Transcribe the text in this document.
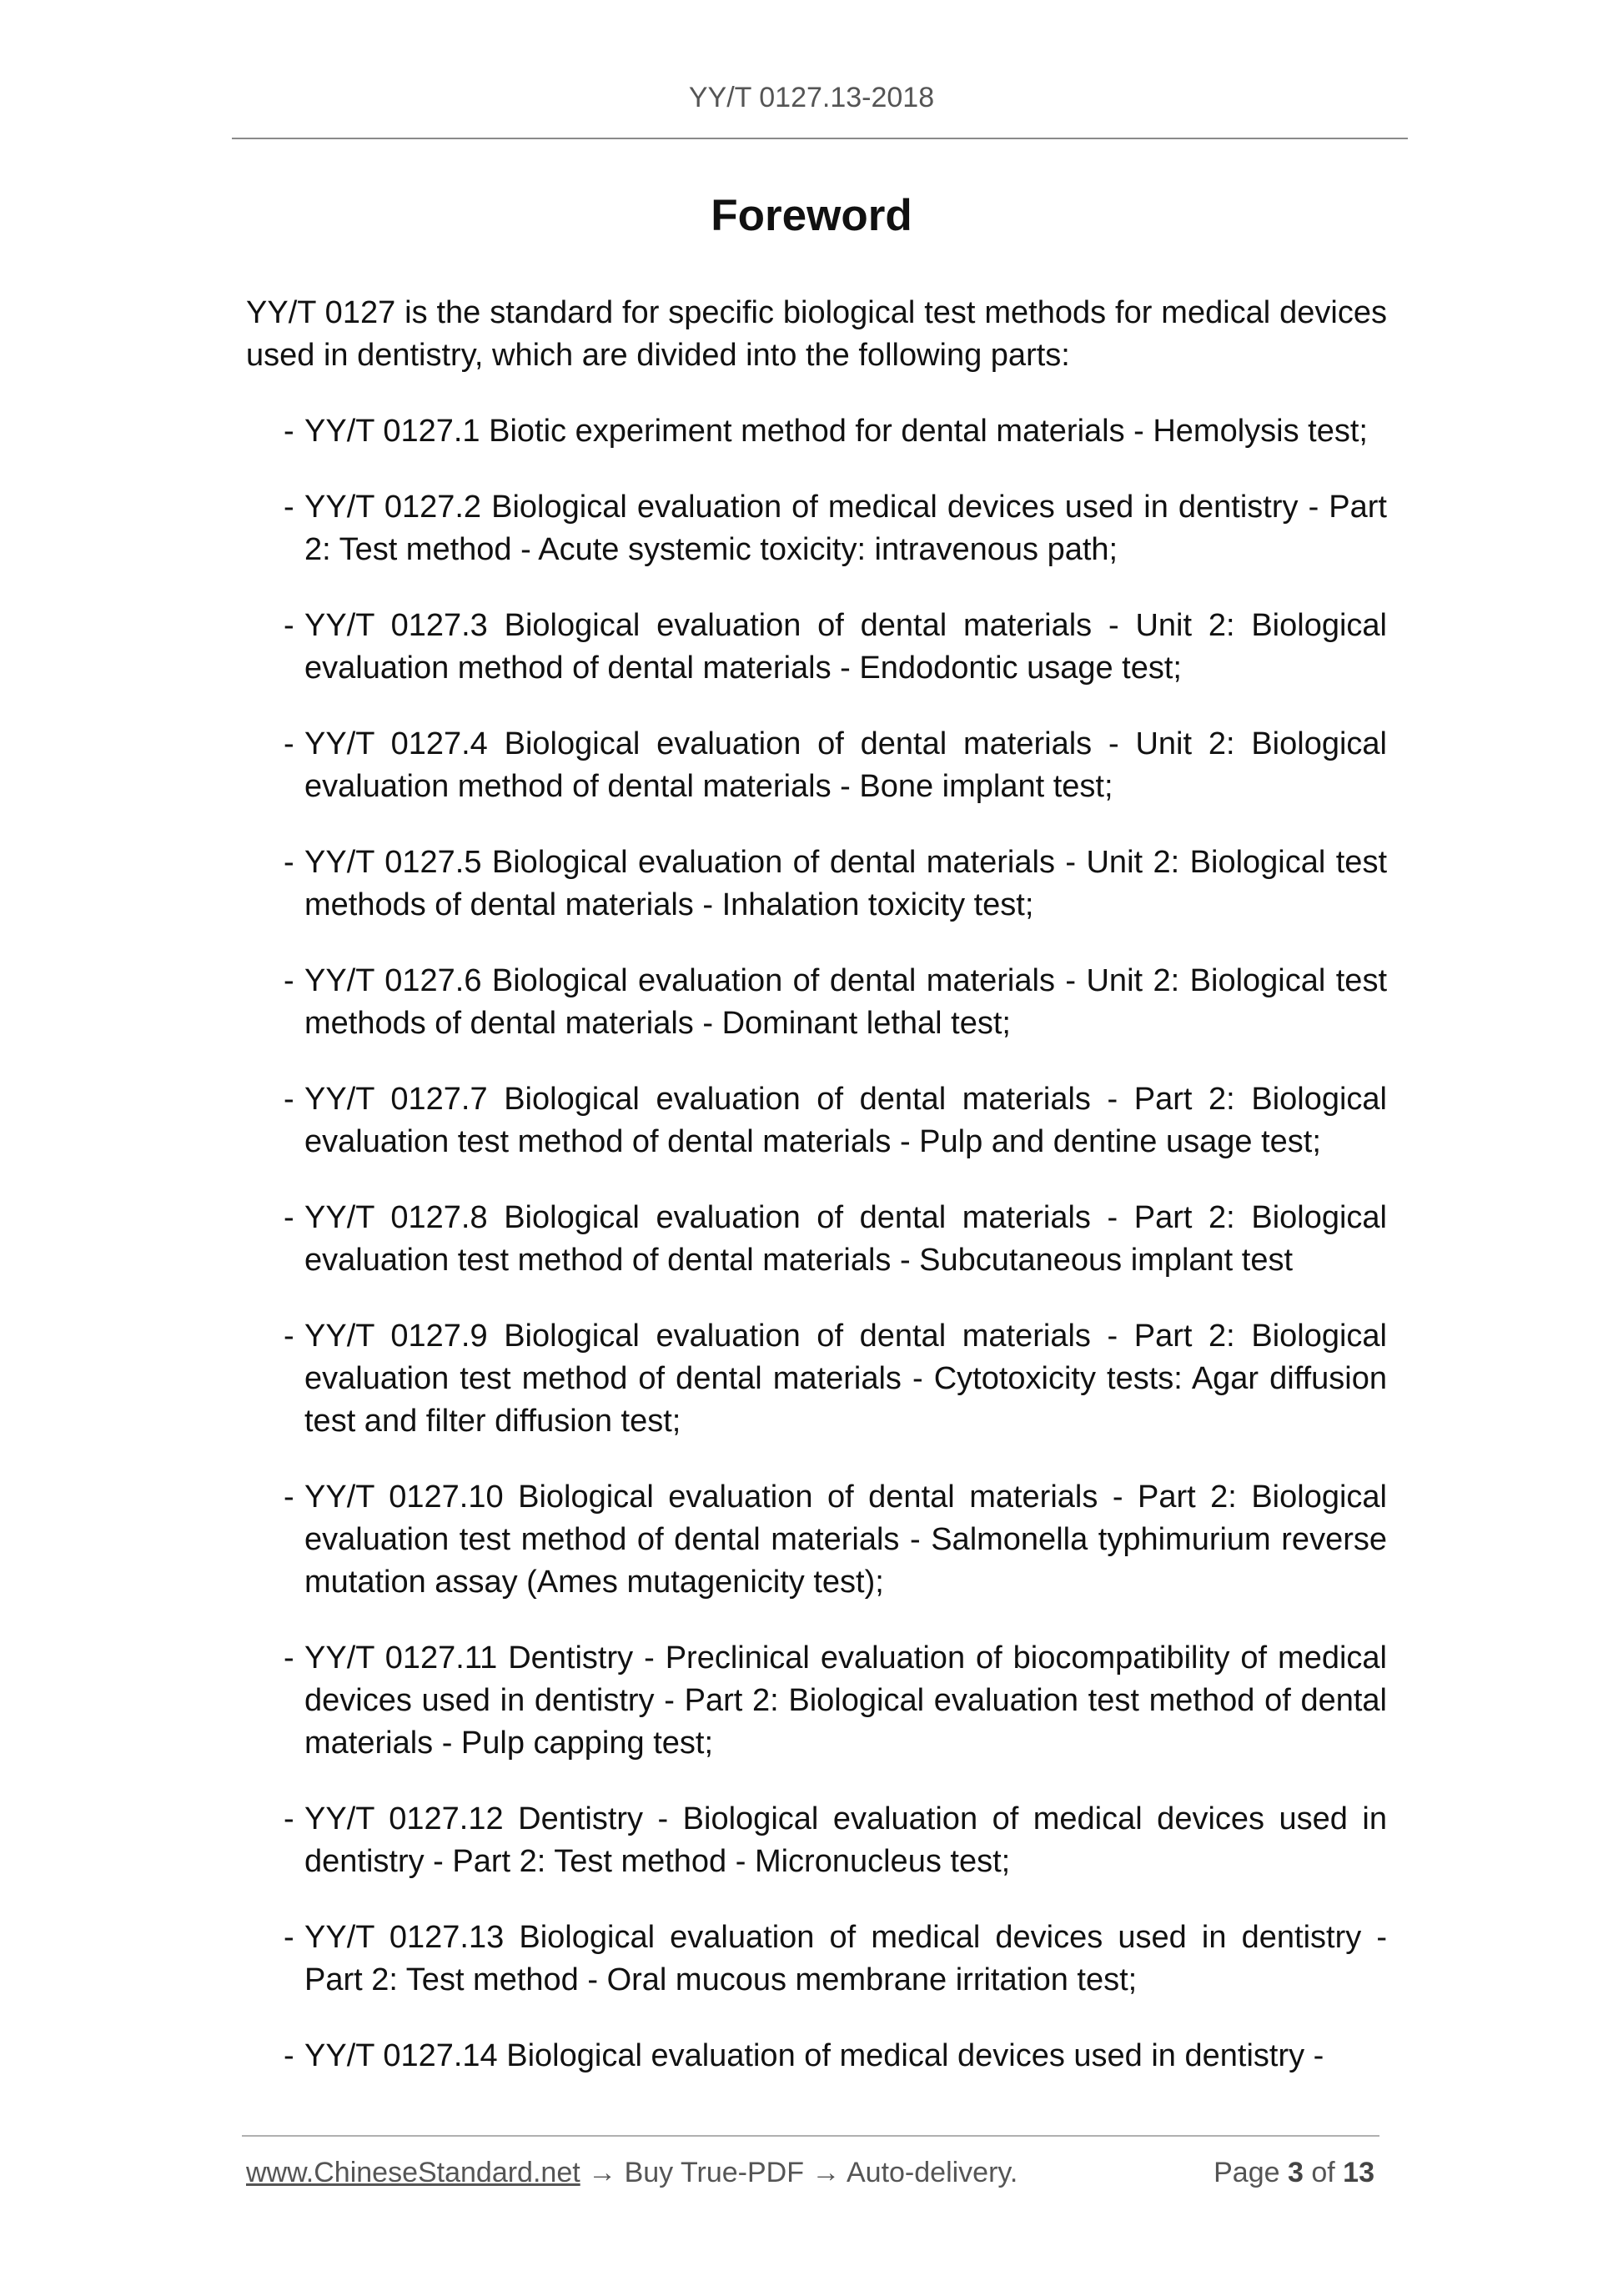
YY/T 0127.13-2018
Foreword

YY/T 0127 is the standard for specific biological test methods for medical devices used in dentistry, which are divided into the following parts:

- YY/T 0127.1 Biotic experiment method for dental materials - Hemolysis test;
- YY/T 0127.2 Biological evaluation of medical devices used in dentistry - Part 2: Test method - Acute systemic toxicity: intravenous path;
- YY/T 0127.3 Biological evaluation of dental materials - Unit 2: Biological evaluation method of dental materials - Endodontic usage test;
- YY/T 0127.4 Biological evaluation of dental materials - Unit 2: Biological evaluation method of dental materials - Bone implant test;
- YY/T 0127.5 Biological evaluation of dental materials - Unit 2: Biological test methods of dental materials - Inhalation toxicity test;
- YY/T 0127.6 Biological evaluation of dental materials - Unit 2: Biological test methods of dental materials - Dominant lethal test;
- YY/T 0127.7 Biological evaluation of dental materials - Part 2: Biological evaluation test method of dental materials - Pulp and dentine usage test;
- YY/T 0127.8 Biological evaluation of dental materials - Part 2: Biological evaluation test method of dental materials - Subcutaneous implant test
- YY/T 0127.9 Biological evaluation of dental materials - Part 2: Biological evaluation test method of dental materials - Cytotoxicity tests: Agar diffusion test and filter diffusion test;
- YY/T 0127.10 Biological evaluation of dental materials - Part 2: Biological evaluation test method of dental materials - Salmonella typhimurium reverse mutation assay (Ames mutagenicity test);
- YY/T 0127.11 Dentistry - Preclinical evaluation of biocompatibility of medical devices used in dentistry - Part 2: Biological evaluation test method of dental materials - Pulp capping test;
- YY/T 0127.12 Dentistry - Biological evaluation of medical devices used in dentistry - Part 2: Test method - Micronucleus test;
- YY/T 0127.13 Biological evaluation of medical devices used in dentistry - Part 2: Test method - Oral mucous membrane irritation test;
- YY/T 0127.14 Biological evaluation of medical devices used in dentistry -
www.ChineseStandard.net → Buy True-PDF → Auto-delivery.	Page 3 of 13
